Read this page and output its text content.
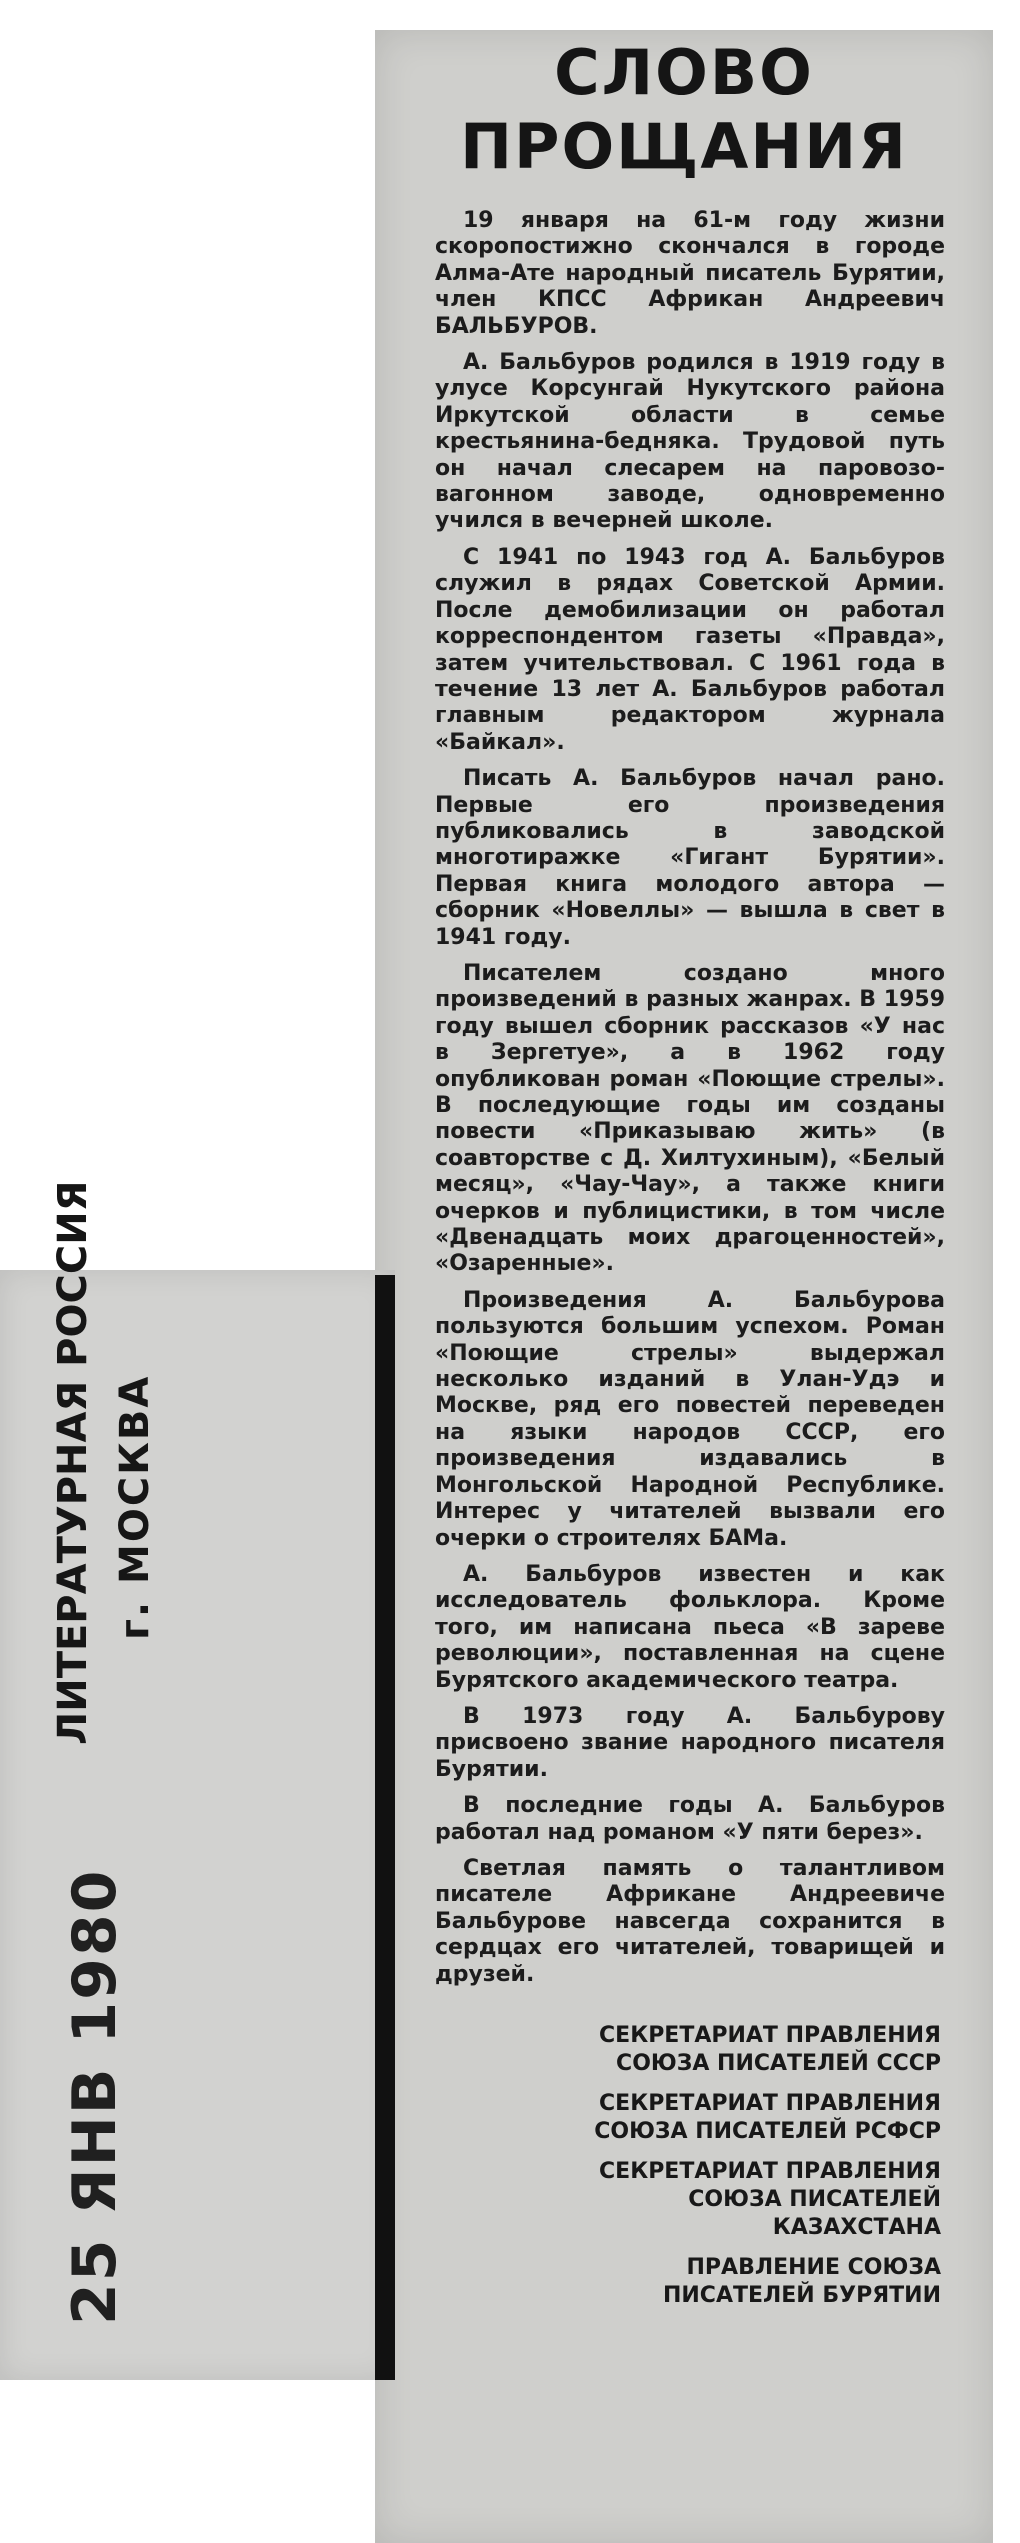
СЛОВО
ПРОЩАНИЯ

19 января на 61-м году жизни скоропостижно скончался в городе Алма-Ате народный писатель Бурятии, член КПСС Африкан Андреевич БАЛЬБУРОВ.

А. Бальбуров родился в 1919 году в улусе Корсунгай Нукутского района Иркутской области в семье крестьянина-бедняка. Трудовой путь он начал слесарем на паровозо-вагонном заводе, одновременно учился в вечерней школе.

С 1941 по 1943 год А. Бальбуров служил в рядах Советской Армии. После демобилизации он работал корреспондентом газеты «Правда», затем учительствовал. С 1961 года в течение 13 лет А. Бальбуров работал главным редактором журнала «Байкал».

Писать А. Бальбуров начал рано. Первые его произведения публиковались в заводской многотиражке «Гигант Бурятии». Первая книга молодого автора — сборник «Новеллы» — вышла в свет в 1941 году.

Писателем создано много произведений в разных жанрах. В 1959 году вышел сборник рассказов «У нас в Зергетуе», а в 1962 году опубликован роман «Поющие стрелы». В последующие годы им созданы повести «Приказываю жить» (в соавторстве с Д. Хилтухиным), «Белый месяц», «Чау-Чау», а также книги очерков и публицистики, в том числе «Двенадцать моих драгоценностей», «Озаренные».

Произведения А. Бальбурова пользуются большим успехом. Роман «Поющие стрелы» выдержал несколько изданий в Улан-Удэ и Москве, ряд его повестей переведен на языки народов СССР, его произведения издавались в Монгольской Народной Республике. Интерес у читателей вызвали его очерки о строителях БАМа.

А. Бальбуров известен и как исследователь фольклора. Кроме того, им написана пьеса «В зареве революции», поставленная на сцене Бурятского академического театра.

В 1973 году А. Бальбурову присвоено звание народного писателя Бурятии.

В последние годы А. Бальбуров работал над романом «У пяти берез».

Светлая память о талантливом писателе Африкане Андреевиче Бальбурове навсегда сохранится в сердцах его читателей, товарищей и друзей.

СЕКРЕТАРИАТ ПРАВЛЕНИЯ
СОЮЗА ПИСАТЕЛЕЙ СССР
СЕКРЕТАРИАТ ПРАВЛЕНИЯ
СОЮЗА ПИСАТЕЛЕЙ РСФСР
СЕКРЕТАРИАТ ПРАВЛЕНИЯ
СОЮЗА ПИСАТЕЛЕЙ
КАЗАХСТАНА
ПРАВЛЕНИЕ СОЮЗА
ПИСАТЕЛЕЙ БУРЯТИИ
ЛИТЕРАТУРНАЯ РОССИЯ г. МОСКВА
25 ЯНВ 1980
